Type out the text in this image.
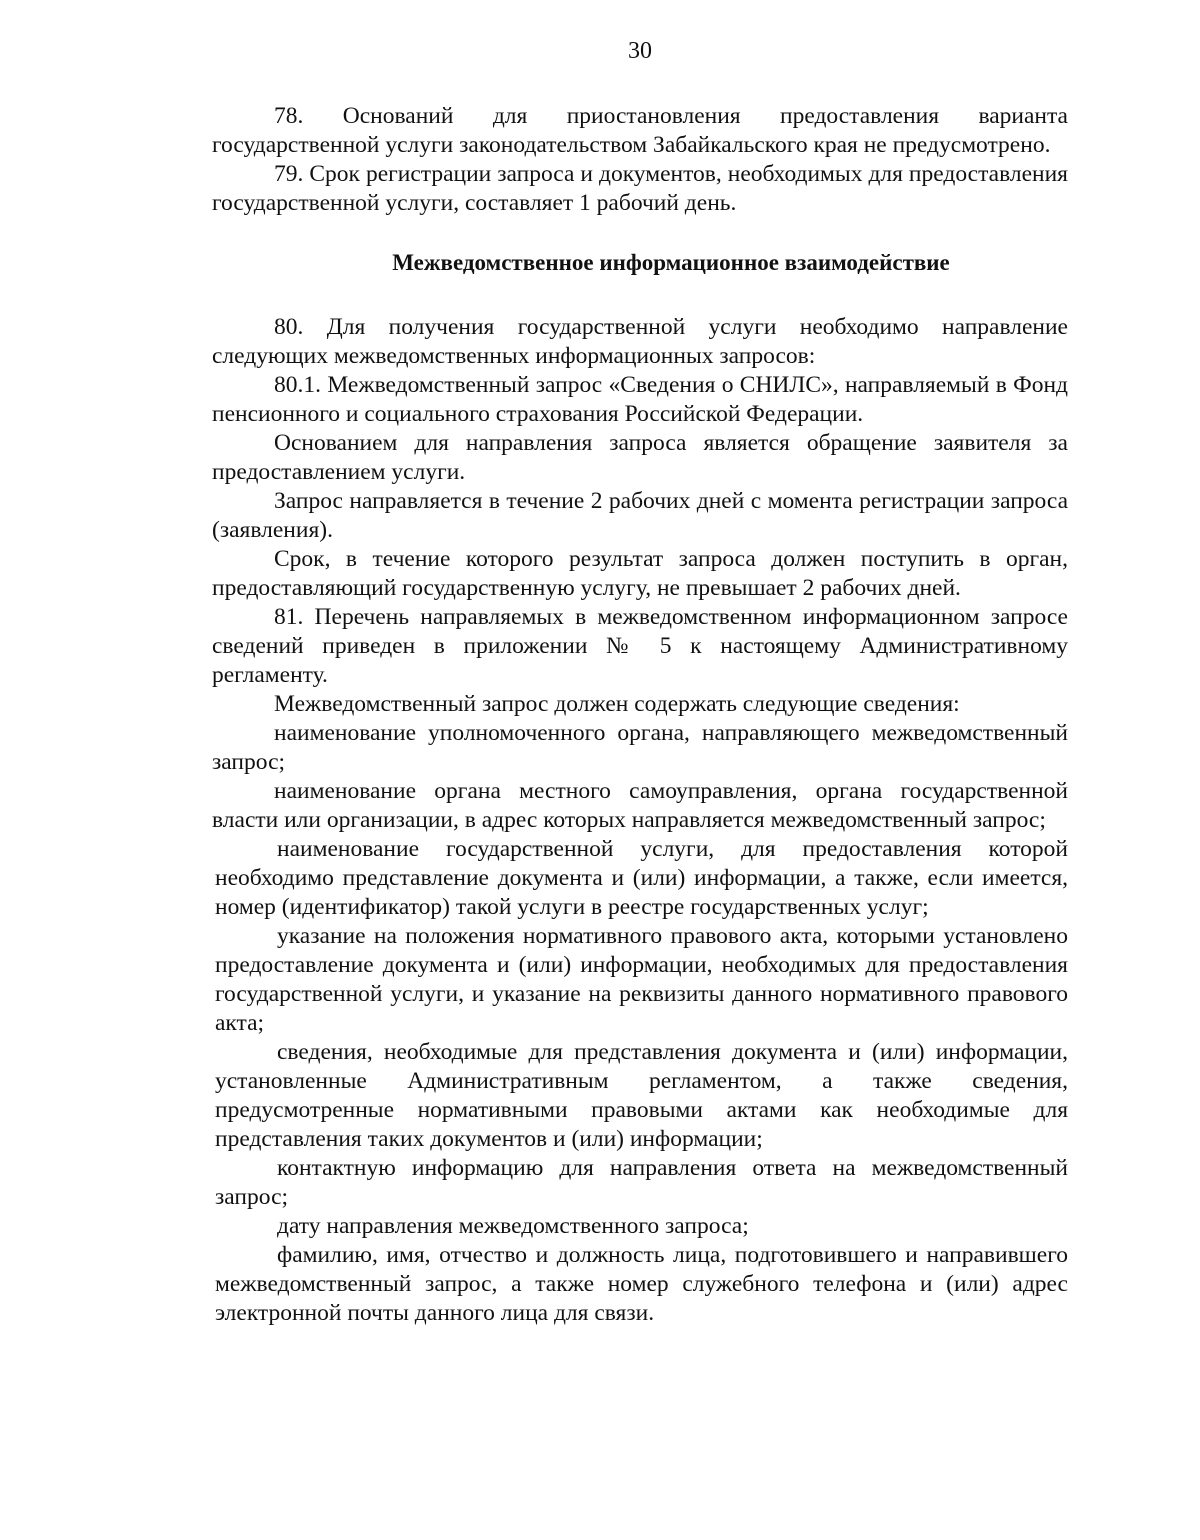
30

78. Оснований для приостановления предоставления варианта государственной услуги законодательством Забайкальского края не предусмотрено.

79. Срок регистрации запроса и документов, необходимых для предоставления государственной услуги, составляет 1 рабочий день.

Межведомственное информационное взаимодействие

80. Для получения государственной услуги необходимо направление следующих межведомственных информационных запросов:

80.1. Межведомственный запрос «Сведения о СНИЛС», направляемый в Фонд пенсионного и социального страхования Российской Федерации.

Основанием для направления запроса является обращение заявителя за предоставлением услуги.

Запрос направляется в течение 2 рабочих дней с момента регистрации запроса (заявления).

Срок, в течение которого результат запроса должен поступить в орган, предоставляющий государственную услугу, не превышает 2 рабочих дней.

81. Перечень направляемых в межведомственном информационном запросе сведений приведен в приложении № 5 к настоящему Административному регламенту.

Межведомственный запрос должен содержать следующие сведения:

наименование уполномоченного органа, направляющего межведомственный запрос;

наименование органа местного самоуправления, органа государственной власти или организации, в адрес которых направляется межведомственный запрос;

наименование государственной услуги, для предоставления которой необходимо представление документа и (или) информации, а также, если имеется, номер (идентификатор) такой услуги в реестре государственных услуг;

указание на положения нормативного правового акта, которыми установлено предоставление документа и (или) информации, необходимых для предоставления государственной услуги, и указание на реквизиты данного нормативного правового акта;

сведения, необходимые для представления документа и (или) информации, установленные Административным регламентом, а также сведения, предусмотренные нормативными правовыми актами как необходимые для представления таких документов и (или) информации;

контактную информацию для направления ответа на межведомственный запрос;

дату направления межведомственного запроса;

фамилию, имя, отчество и должность лица, подготовившего и направившего межведомственный запрос, а также номер служебного телефона и (или) адрес электронной почты данного лица для связи.
